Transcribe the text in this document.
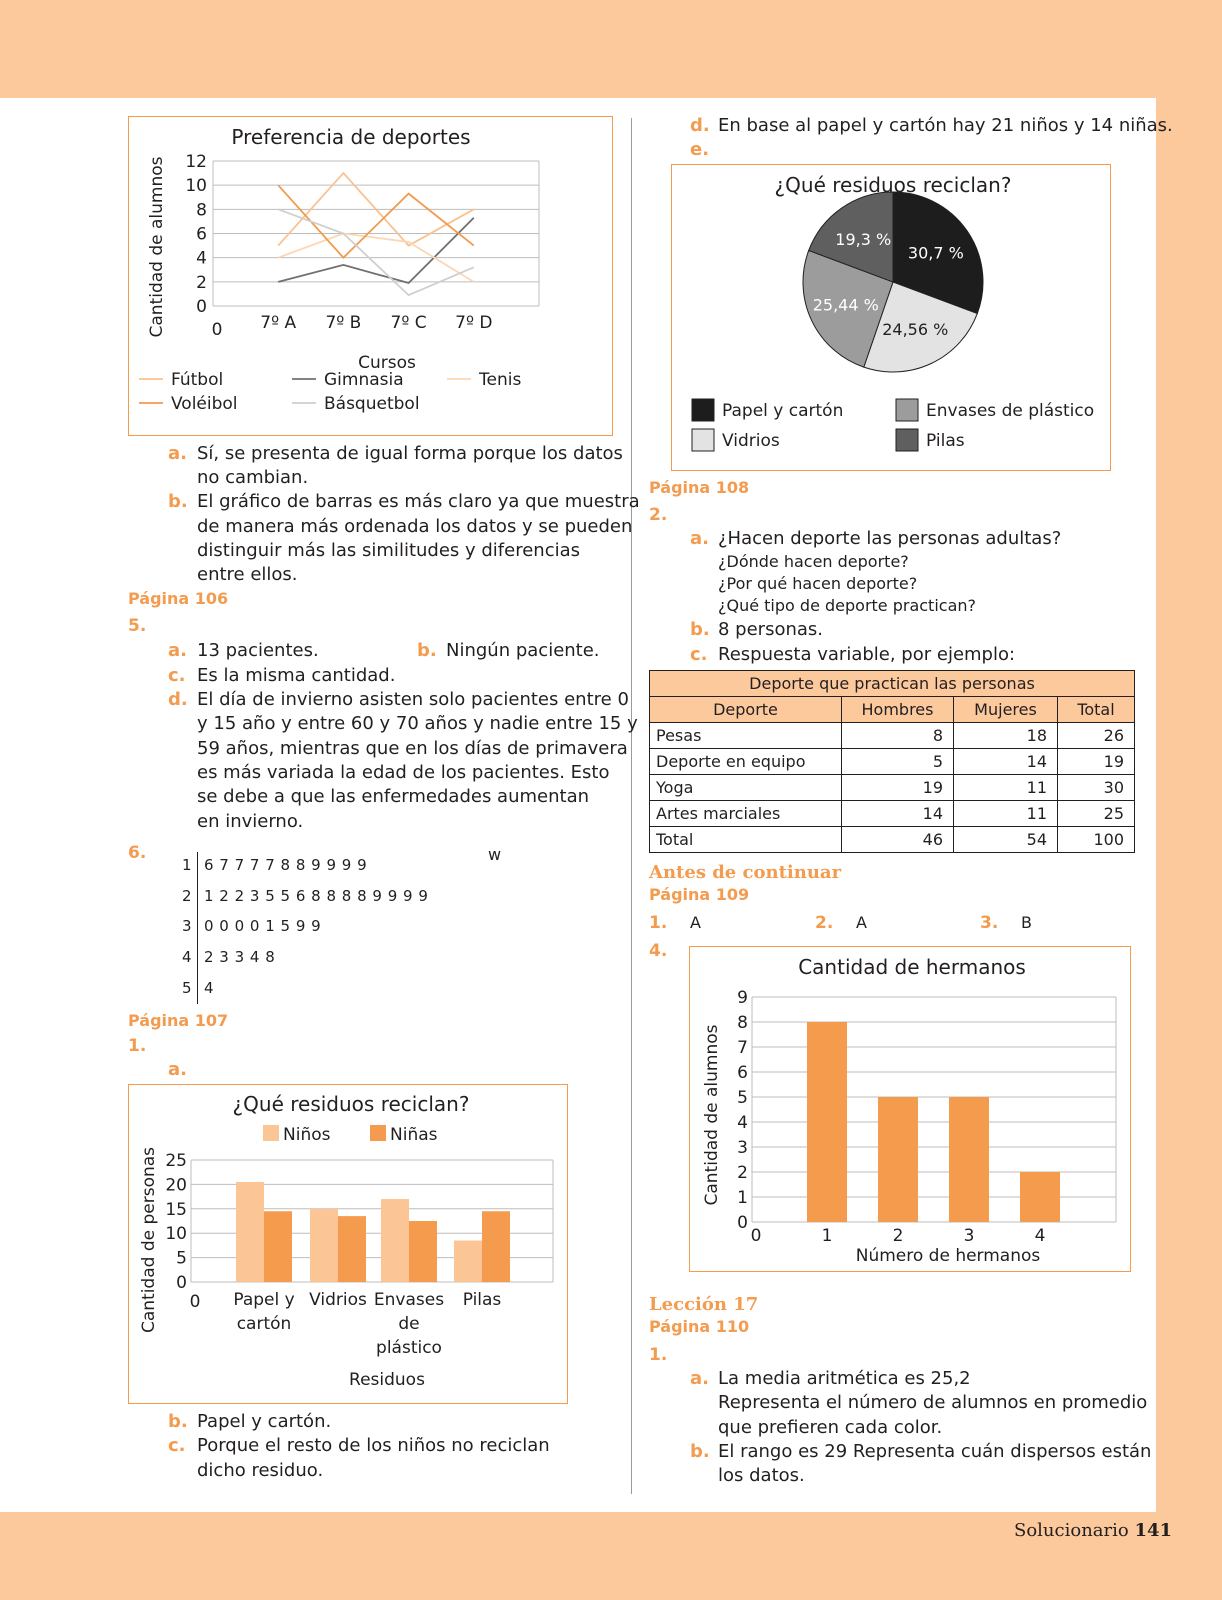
Preferencia de deportes
Cantidad de alumnos 12
10
8
6
4
2
0
0 7º A 7º B 7º C 7º D
Cursos
Fútbol	Gimnasia	Tenis
Voléibol	Básquetbol
a. Sí, se presenta de igual forma porque los datos
no cambian.
b. El gráfico de barras es más claro ya que muestra
de manera más ordenada los datos y se pueden
distinguir más las similitudes y diferencias
entre ellos.
Página 106
5.
a. 13 pacientes.	b. Ningún paciente.
c. Es la misma cantidad.
d. El día de invierno asisten solo pacientes entre 0
y 15 año y entre 60 y 70 años y nadie entre 15 y
59 años, mientras que en los días de primavera
es más variada la edad de los pacientes. Esto
se debe a que las enfermedades aumentan
en invierno.
6.	w
1 6 7 7 7 7 8 8 9 9 9 9
2 1 2 2 3 5 5 6 8 8 8 8 9 9 9 9
3 0 0 0 0 1 5 9 9
4 2 3 3 4 8
5 4
Página 107
1.
a.
¿Qué residuos reciclan?
Niños	Niñas
Cantidad de personas 25
20
15
10
5
0
0 Papel y
cartón
Vidrios Envases
de
plástico
Pilas
Residuos
b. Papel y cartón.
c. Porque el resto de los niños no reciclan
dicho residuo.
d. En base al papel y cartón hay 21 niños y 14 niñas.
e.
¿Qué residuos reciclan?
30,7 %
24,56 %
25,44 %
19,3 %
Papel y cartón	Envases de plástico
Vidrios	Pilas
Página 108
2.
a. ¿Hacen deporte las personas adultas?
¿Dónde hacen deporte?
¿Por qué hacen deporte?
¿Qué tipo de deporte practican?
b. 8 personas.
c. Respuesta variable, por ejemplo:
Deporte que practican las personas			
Deporte	Hombres	Mujeres	Total
Pesas	8	18	26
Deporte en equipo	5	14	19
Yoga	19	11	30
Artes marciales	14	11	25
Total	46	54	100
Antes de continuar
Página 109
1. A	2. A	3. B
4.
Cantidad de hermanos
Cantidad de alumnos
9
8
7
6
5
4
3
2
1
0
0	1	2	3	4
Número de hermanos
Lección 17
Página 110
1.
a. La media aritmética es 25,2
Representa el número de alumnos en promedio
que prefieren cada color.
b. El rango es 29 Representa cuán dispersos están
los datos.
Solucionario 141
